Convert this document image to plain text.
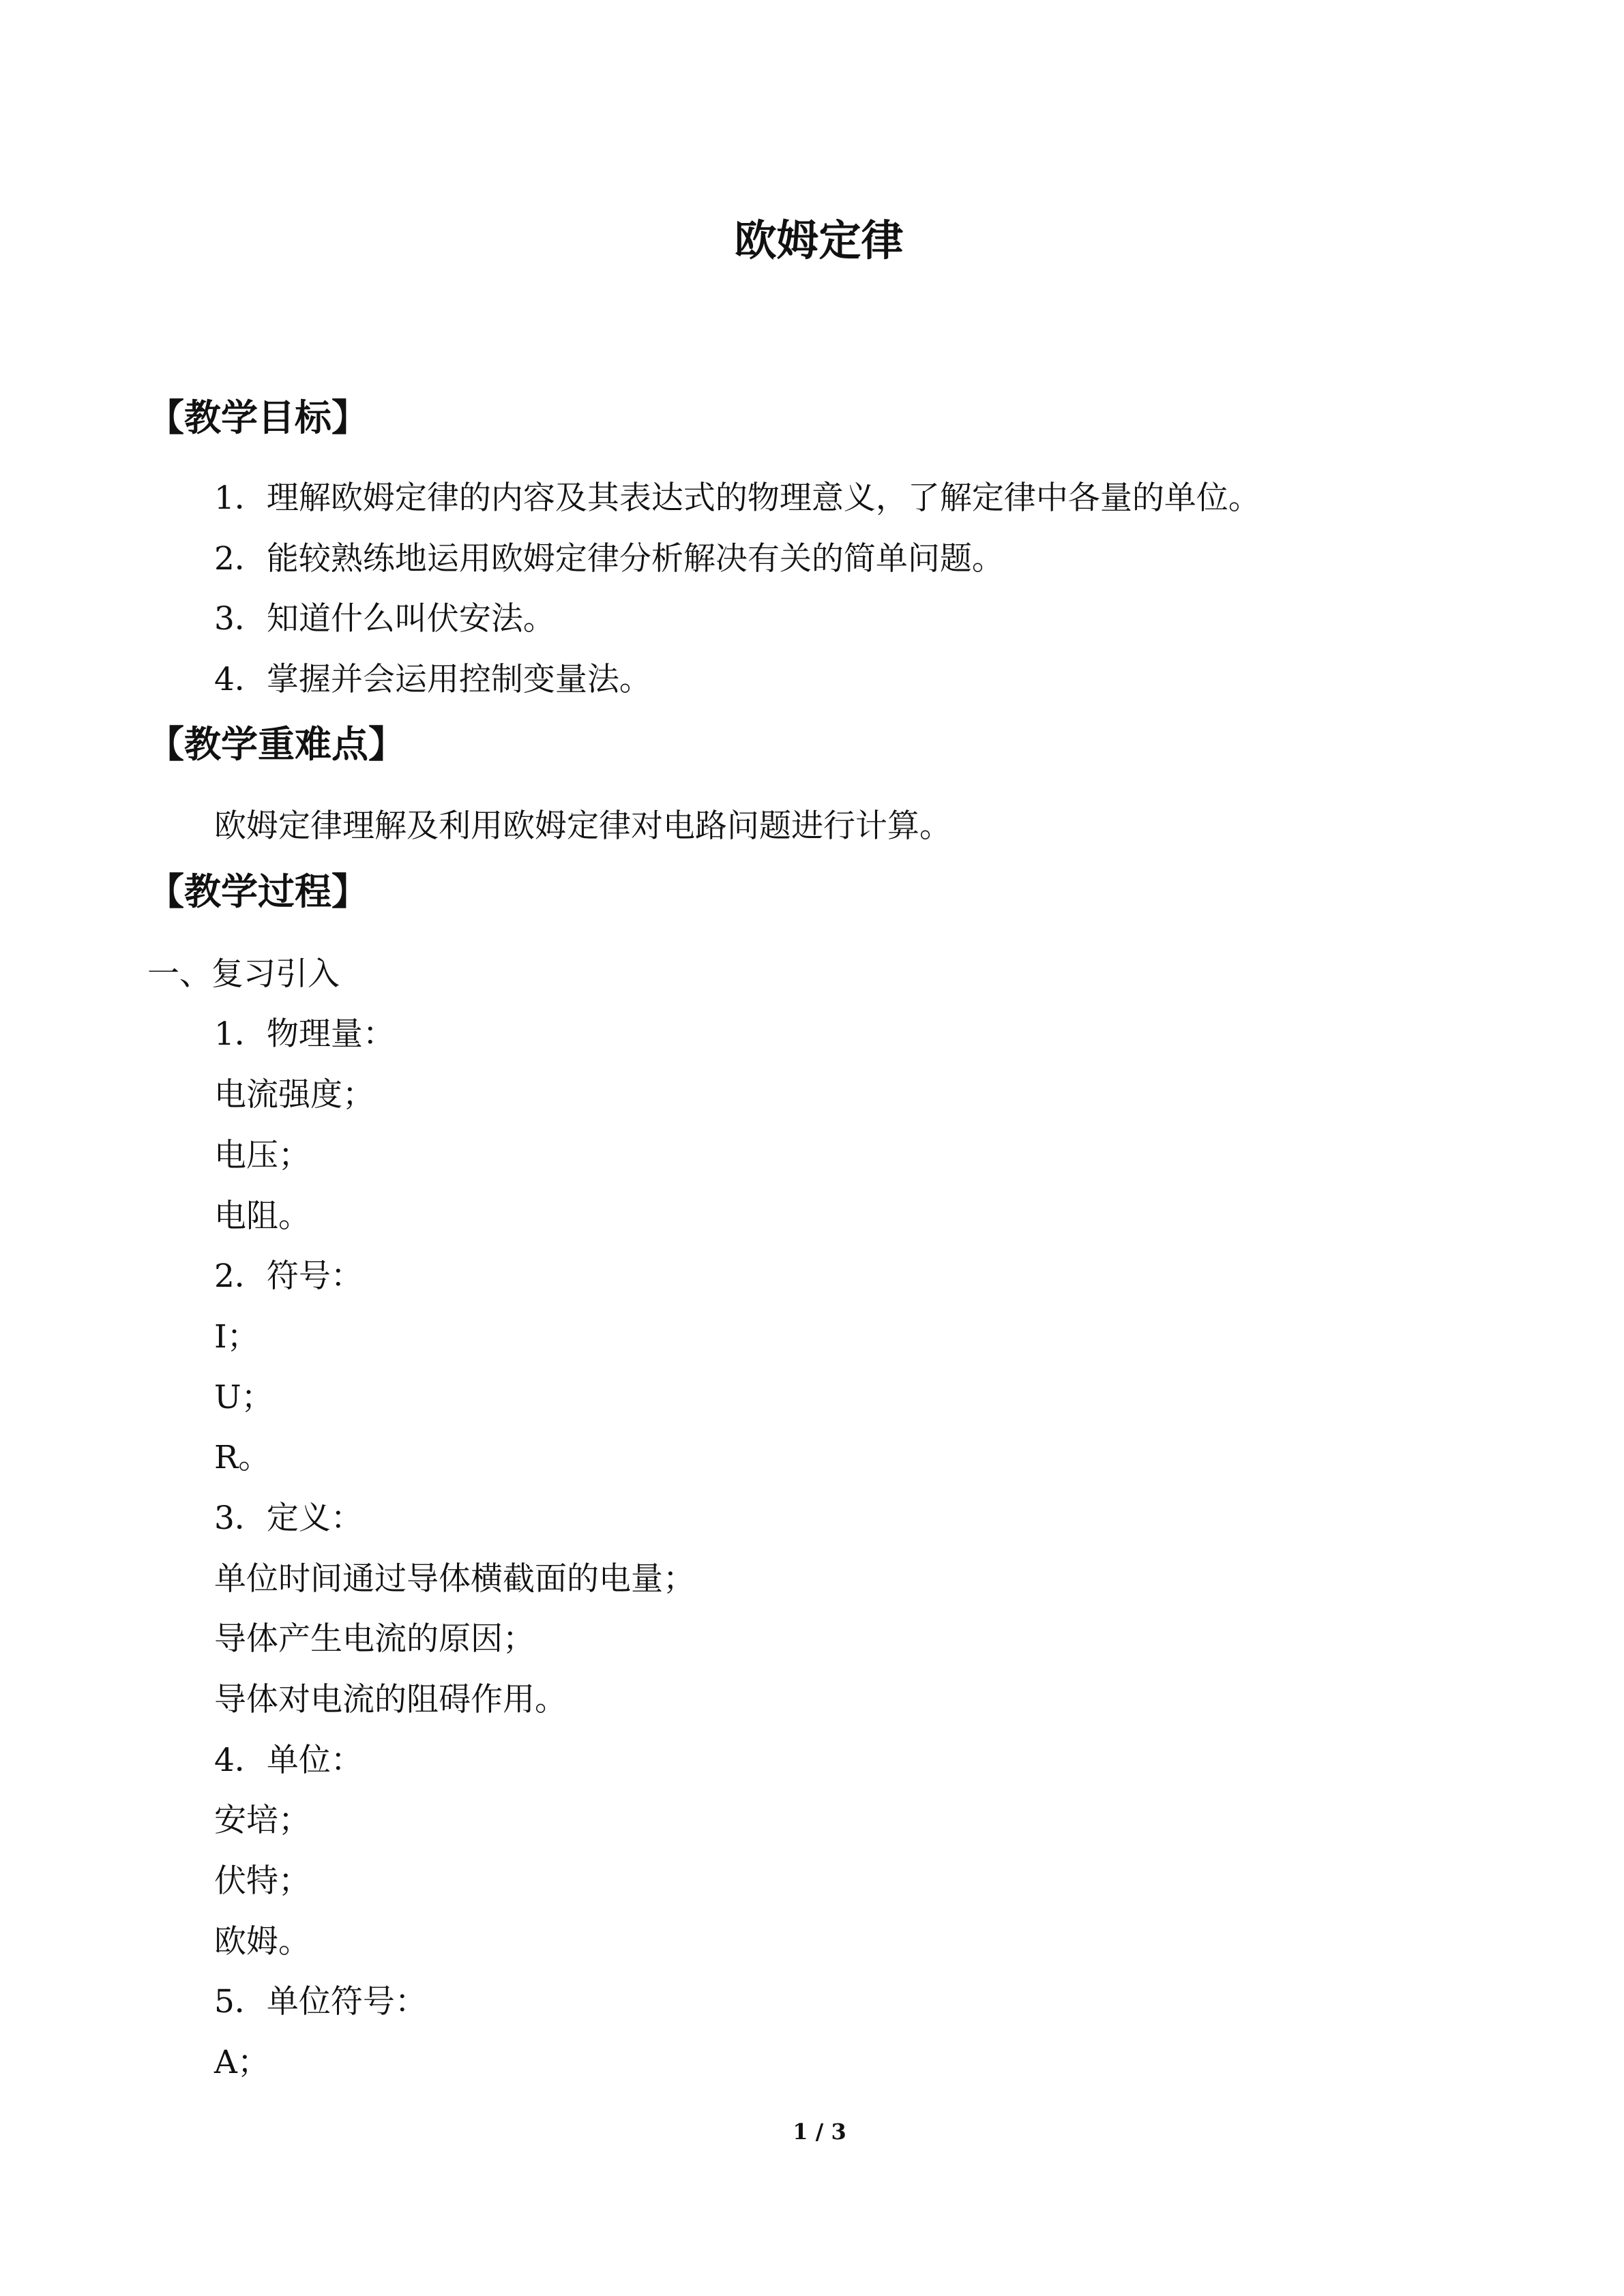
欧姆定律
【教学目标】
1．理解欧姆定律的内容及其表达式的物理意义，了解定律中各量的单位。
2．能较熟练地运用欧姆定律分析解决有关的简单问题。
3．知道什么叫伏安法。
4．掌握并会运用控制变量法。
【教学重难点】
欧姆定律理解及利用欧姆定律对电路问题进行计算。
【教学过程】
一、复习引入
1．物理量：
电流强度；
电压；
电阻。
2．符号：
I；
U；
R。
3．定义：
单位时间通过导体横截面的电量；
导体产生电流的原因；
导体对电流的阻碍作用。
4．单位：
安培；
伏特；
欧姆。
5．单位符号：
A；
1 / 3
